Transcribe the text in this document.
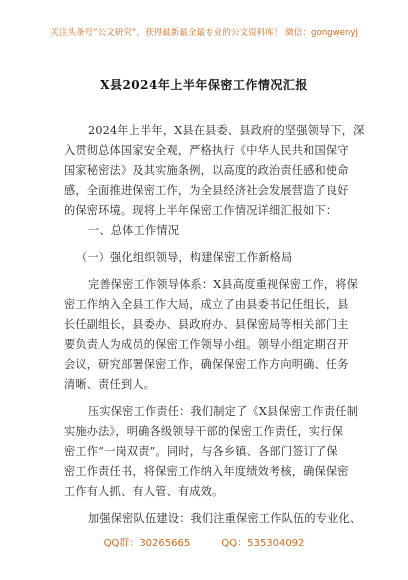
关注头条号“公文研究”，获得最新最全最专业的公文资料库！ 微信：gongwenyj
X县2024年上半年保密工作情况汇报
2024年上半年，X县在县委、县政府的坚强领导下，深
入贯彻总体国家安全观，严格执行《中华人民共和国保守
国家秘密法》及其实施条例，以高度的政治责任感和使命
感，全面推进保密工作，为全县经济社会发展营造了良好
的保密环境。现将上半年保密工作情况详细汇报如下：
一、总体工作情况
（一）强化组织领导，构建保密工作新格局
完善保密工作领导体系：X县高度重视保密工作，将保
密工作纳入全县工作大局，成立了由县委书记任组长，县
长任副组长，县委办、县政府办、县保密局等相关部门主
要负责人为成员的保密工作领导小组。领导小组定期召开
会议，研究部署保密工作，确保保密工作方向明确、任务
清晰、责任到人。
压实保密工作责任：我们制定了《X县保密工作责任制
实施办法》，明确各级领导干部的保密工作责任，实行保
密工作“一岗双责”。同时，与各乡镇、各部门签订了保
密工作责任书，将保密工作纳入年度绩效考核，确保保密
工作有人抓、有人管、有成效。
加强保密队伍建设：我们注重保密工作队伍的专业化、
QQ群：30265665	QQ：535304092
